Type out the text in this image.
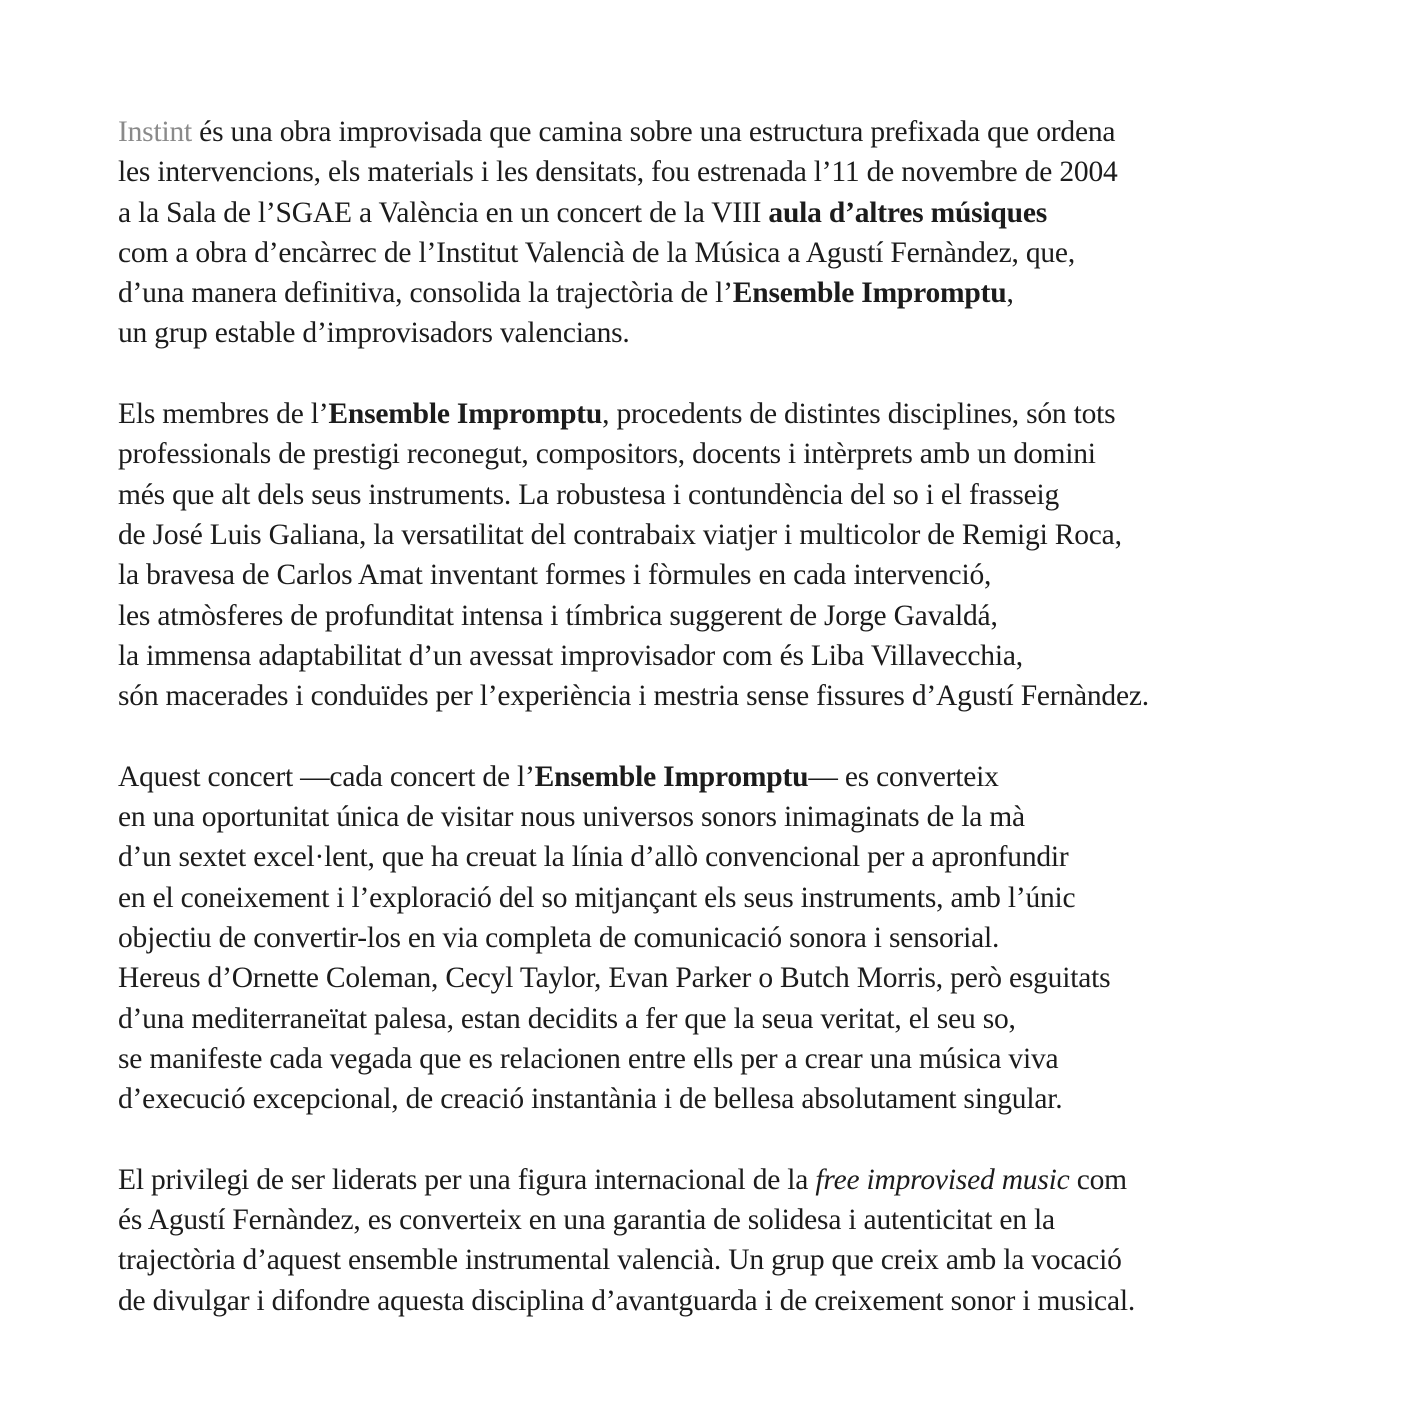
Instint és una obra improvisada que camina sobre una estructura prefixada que ordena
les intervencions, els materials i les densitats, fou estrenada l’11 de novembre de 2004
a la Sala de l’SGAE a València en un concert de la VIII aula d’altres músiques
com a obra d’encàrrec de l’Institut Valencià de la Música a Agustí Fernàndez, que,
d’una manera definitiva, consolida la trajectòria de l’Ensemble Impromptu,
un grup estable d’improvisadors valencians.

Els membres de l’Ensemble Impromptu, procedents de distintes disciplines, són tots
professionals de prestigi reconegut, compositors, docents i intèrprets amb un domini
més que alt dels seus instruments. La robustesa i contundència del so i el frasseig
de José Luis Galiana, la versatilitat del contrabaix viatjer i multicolor de Remigi Roca,
la bravesa de Carlos Amat inventant formes i fòrmules en cada intervenció,
les atmòsferes de profunditat intensa i tímbrica suggerent de Jorge Gavaldá,
la immensa adaptabilitat d’un avessat improvisador com és Liba Villavecchia,
són macerades i conduïdes per l’experiència i mestria sense fissures d’Agustí Fernàndez.

Aquest concert —cada concert de l’Ensemble Impromptu— es converteix
en una oportunitat única de visitar nous universos sonors inimaginats de la mà
d’un sextet excel·lent, que ha creuat la línia d’allò convencional per a apronfundir
en el coneixement i l’exploració del so mitjançant els seus instruments, amb l’únic
objectiu de convertir-los en via completa de comunicació sonora i sensorial.
Hereus d’Ornette Coleman, Cecyl Taylor, Evan Parker o Butch Morris, però esguitats
d’una mediterraneïtat palesa, estan decidits a fer que la seua veritat, el seu so,
se manifeste cada vegada que es relacionen entre ells per a crear una música viva
d’execució excepcional, de creació instantània i de bellesa absolutament singular.

El privilegi de ser liderats per una figura internacional de la free improvised music com
és Agustí Fernàndez, es converteix en una garantia de solidesa i autenticitat en la
trajectòria d’aquest ensemble instrumental valencià. Un grup que creix amb la vocació
de divulgar i difondre aquesta disciplina d’avantguarda i de creixement sonor i musical.
